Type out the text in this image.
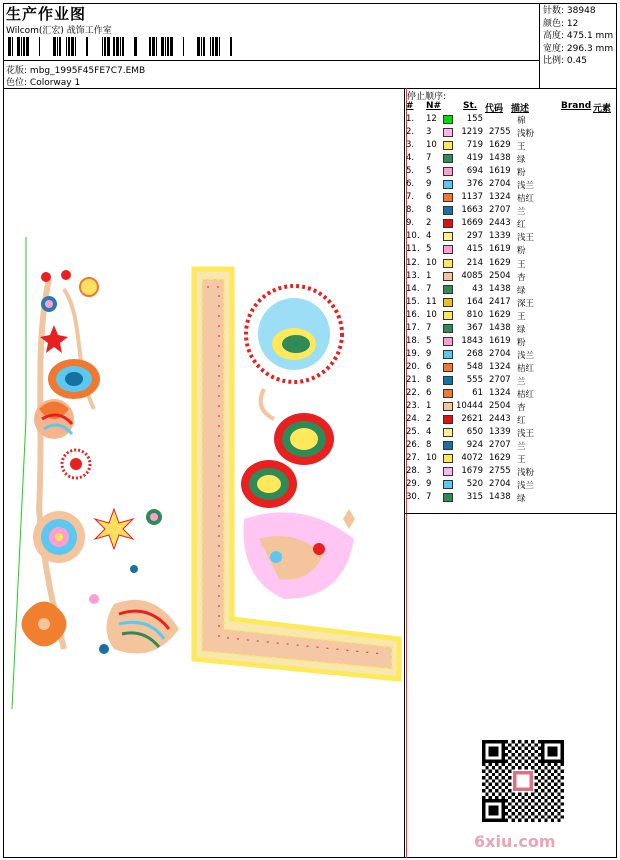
生产作业图
Wilcom(汇宏) 战饰工作室
花版: mbg_1995F45FE7C7.EMB
色位: Colorway 1
针数: 38948
颜色: 12
高度: 475.1 mm
宽度: 296.3 mm
比例: 0.45
停止顺序:
# N# St. 代码 描述	Brand 元素
1. 12	155	棉
2. 3	1219 2755 浅粉
3. 10	719 1629 王
4. 7	419 1438 绿
5. 5	694 1619 粉
6. 9	376 2704 浅兰
7. 6	1137 1324 桔红
8. 8	1663 2707 兰
9. 2	1669 2443 红
10. 4	297 1339 浅王
11. 5	415 1619 粉
12. 10	214 1629 王
13. 1	4085 2504 杏
14. 7	43 1438 绿
15. 11	164 2417 深王
16. 10	810 1629 王
17. 7	367 1438 绿
18. 5	1843 1619 粉
19. 9	268 2704 浅兰
20. 6	548 1324 桔红
21. 8	555 2707 兰
22. 6	61 1324 桔红
23. 1	10444 2504 杏
24. 2	2621 2443 红
25. 4	650 1339 浅王
26. 8	924 2707 兰
27. 10	4072 1629 王
28. 3	1679 2755 浅粉
29. 9	520 2704 浅兰
30. 7	315 1438 绿
6xiu.com
